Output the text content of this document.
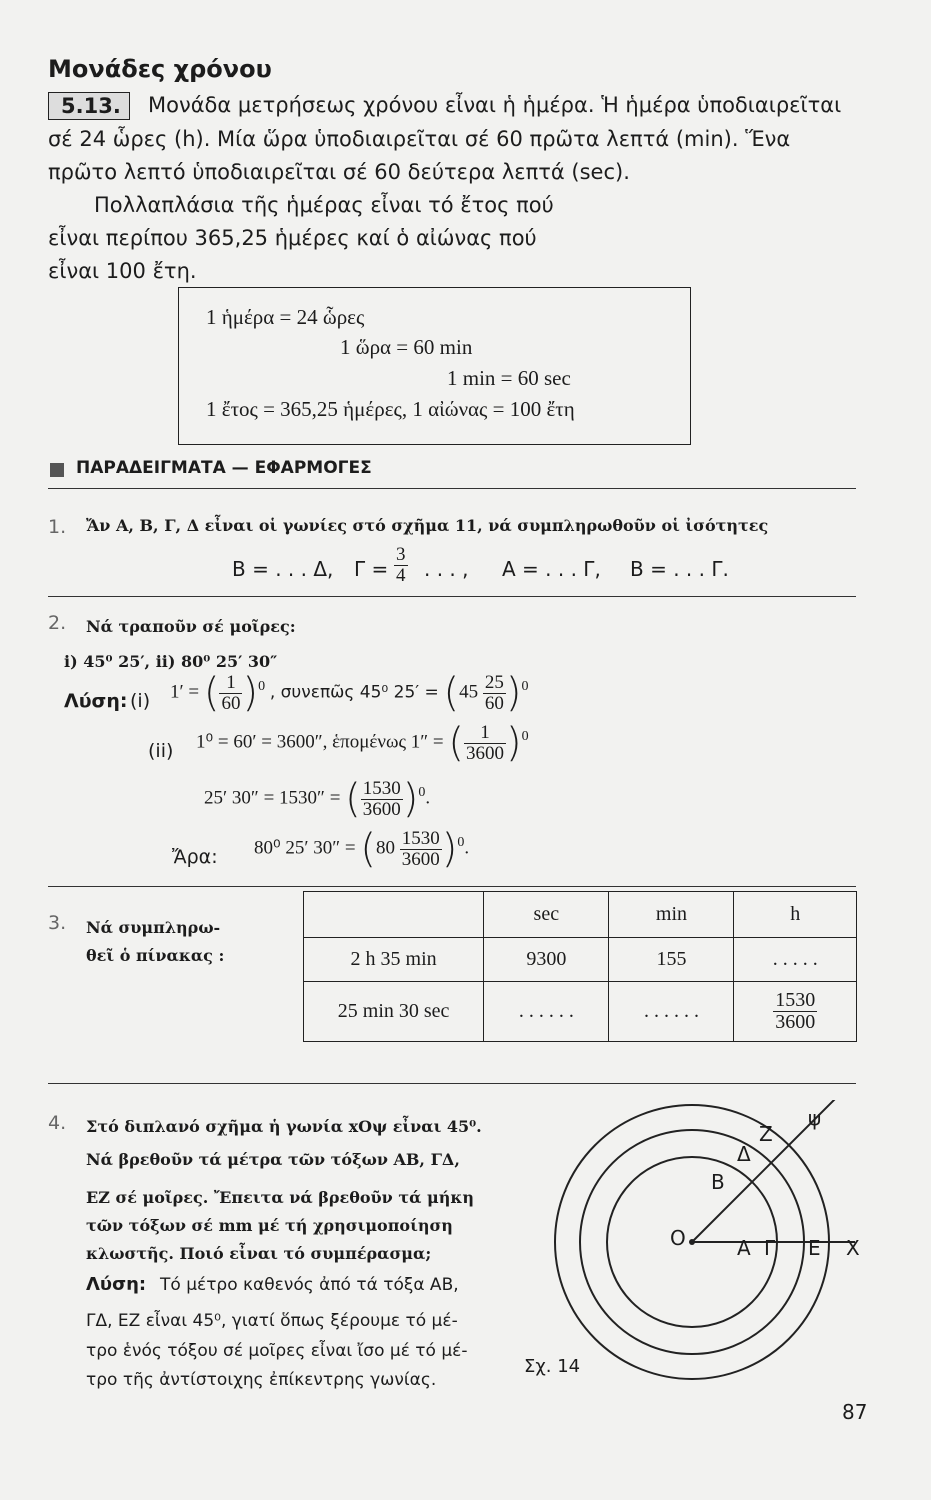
Μονάδες χρόνου
5.13.	Μονάδα μετρήσεως χρόνου εἶναι ἡ ἡμέρα. Ἡ ἡμέρα ὑποδιαιρεῖται
σέ 24 ὧρες (h). Μία ὥρα ὑποδιαιρεῖται σέ 60 πρῶτα λεπτά (min). Ἕνα
πρῶτο λεπτό ὑποδιαιρεῖται σέ 60 δεύτερα λεπτά (sec).
Πολλαπλάσια τῆς ἡμέρας εἶναι τό ἔτος πού
εἶναι περίπου 365,25 ἡμέρες καί ὁ αἰώνας πού
εἶναι 100 ἔτη.
1 ἡμέρα = 24 ὧρες
1 ὥρα = 60 min
1 min = 60 sec
1 ἔτος = 365,25 ἡμέρες, 1 αἰώνας = 100 ἔτη
ΠΑΡΑΔΕΙΓΜΑΤΑ — ΕΦΑΡΜΟΓΕΣ
1. Ἄν Α, Β, Γ, Δ εἶναι οἱ γωνίες στό σχῆμα 11, νά συμπληρωθοῦν οἱ ἰσότητες
Β = . . . Δ, $\Gamma = \frac{3}{4}$ . . . , Α = . . . Γ, Β = . . . Γ.
2. Νά τραποῦν σέ μοῖρες:
i) 45⁰ 25′, ii) 80⁰ 25′ 30″
Λύση: (i) 1′ = ( $\frac{1}{60} )^0$ , συνεπῶς 45⁰ $25' = (45 \frac{25}{60} )^0$
(ii) 1⁰ = 60′ = 3600″, ἑπομένως 1″ = ( $\frac{1}{3600} )^0$
25′ 30″ = 1530″ = ( $\frac{1530}{3600} )^0$.
Ἄρα: 80⁰ 25′ $30'' = (80 \frac{1530}{3600} )^0$.
3. Νά συμπληρω-
θεῖ ὁ πίνακας :
	sec	min	h
2 h 35 min	9300	155	. . . . .
25 min 30 sec	. . . . . .	. . . . . .	$\frac{1530}{3600}$
4. Στό διπλανό σχῆμα ἡ γωνία xΟψ εἶναι 45⁰.
Νά βρεθοῦν τά μέτρα τῶν τόξων ΑΒ, ΓΔ,
ΕΖ σέ μοῖρες. Ἔπειτα νά βρεθοῦν τά μήκη
τῶν τόξων σέ mm μέ τή χρησιμοποίηση
κλωστῆς. Ποιό εἶναι τό συμπέρασμα;
Λύση: Τό μέτρο καθενός ἀπό τά τόξα ΑΒ,
ΓΔ, ΕΖ εἶναι 45⁰, γιατί ὅπως ξέρουμε τό μέ-
τρο ἑνός τόξου σέ μοῖρες εἶναι ἴσο μέ τό μέ-
τρο τῆς ἀντίστοιχης ἐπίκεντρης γωνίας.
O	Α Γ Ε Χ
Β
Δ
Ζ
ψ
Σχ. 14
87
